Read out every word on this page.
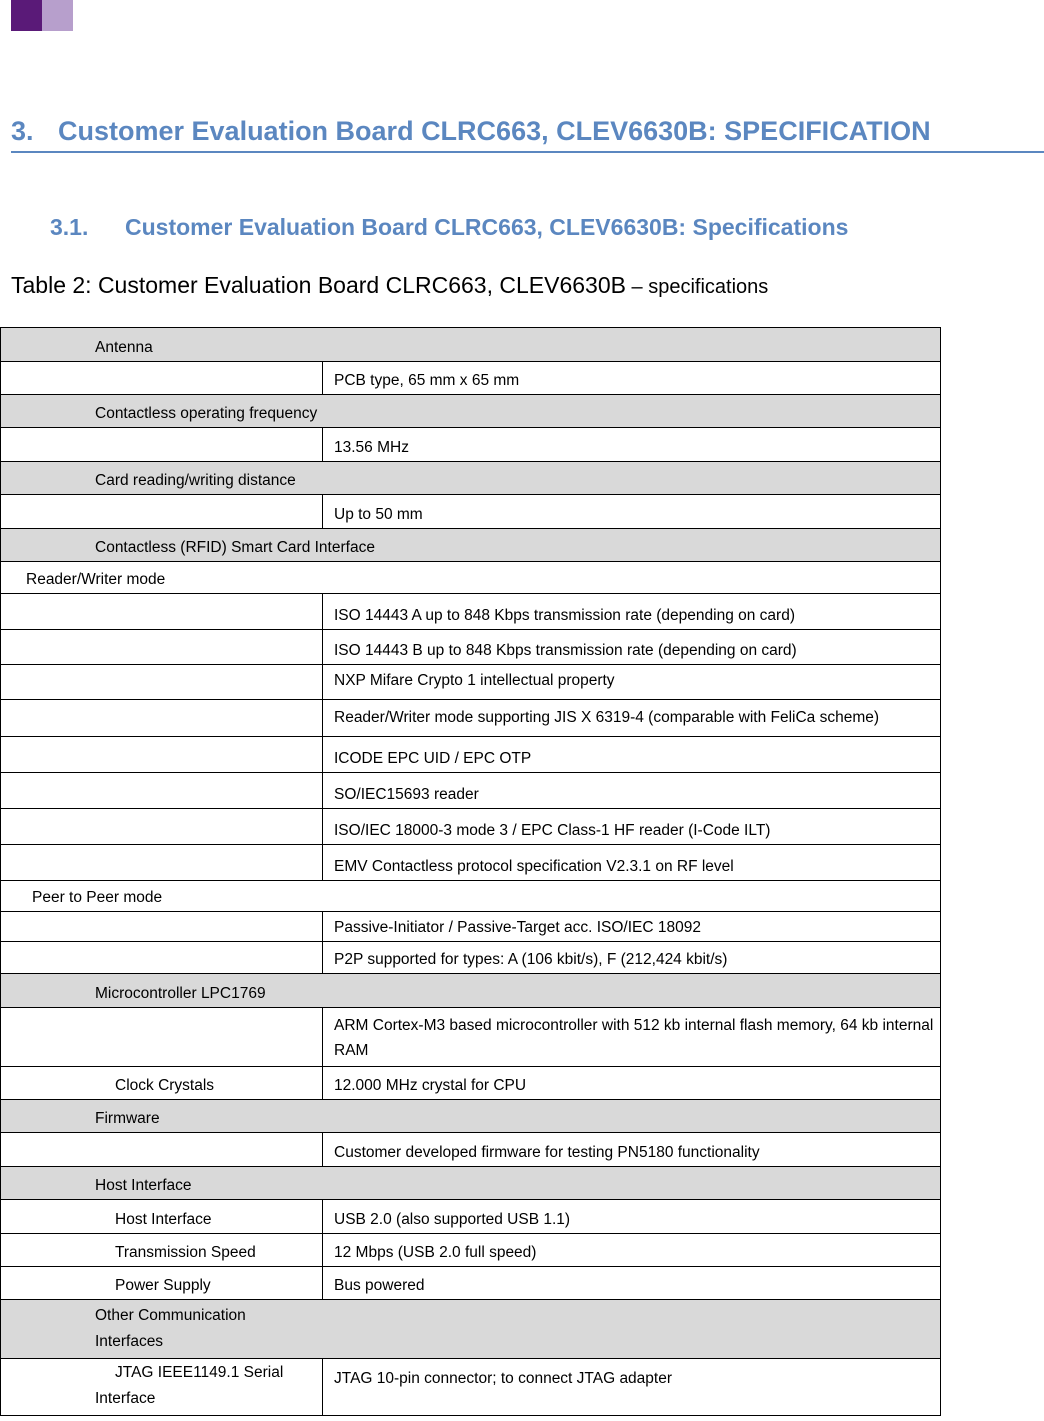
3. Customer Evaluation Board CLRC663, CLEV6630B: SPECIFICATION
3.1. Customer Evaluation Board CLRC663, CLEV6630B: Specifications
Table 2: Customer Evaluation Board CLRC663, CLEV6630B – specifications
Antenna	

	PCB type, 65 mm x 65 mm

Contactless operating frequency	

	13.56 MHz

Card reading/writing distance	

	Up to 50 mm

Contactless (RFID) Smart Card Interface	

Reader/Writer mode	
	ISO 14443 A up to 848 Kbps transmission rate (depending on card)
	ISO 14443 B up to 848 Kbps transmission rate (depending on card)
	NXP Mifare Crypto 1 intellectual property
	Reader/Writer mode supporting JIS X 6319-4 (comparable with FeliCa scheme)
	ICODE EPC UID / EPC OTP
	SO/IEC15693 reader
	ISO/IEC 18000-3 mode 3 / EPC Class-1 HF reader (I-Code ILT)
	EMV Contactless protocol specification V2.3.1 on RF level
Peer to Peer mode	
	Passive-Initiator / Passive-Target acc. ISO/IEC 18092
	P2P supported for types: A (106 kbit/s), F (212,424 kbit/s)

Microcontroller LPC1769	

	ARM Cortex-M3 based microcontroller with 512 kb internal flash memory, 64 kb internal RAM
Clock Crystals	12.000 MHz crystal for CPU

Firmware	

	Customer developed firmware for testing PN5180 functionality

Host Interface	

Host Interface	USB 2.0 (also supported USB 1.1)
Transmission Speed	12 Mbps (USB 2.0 full speed)
Power Supply	Bus powered

Other Communication Interfaces	

JTAG IEEE1149.1 Serial Interface	JTAG 10-pin connector; to connect JTAG adapter
